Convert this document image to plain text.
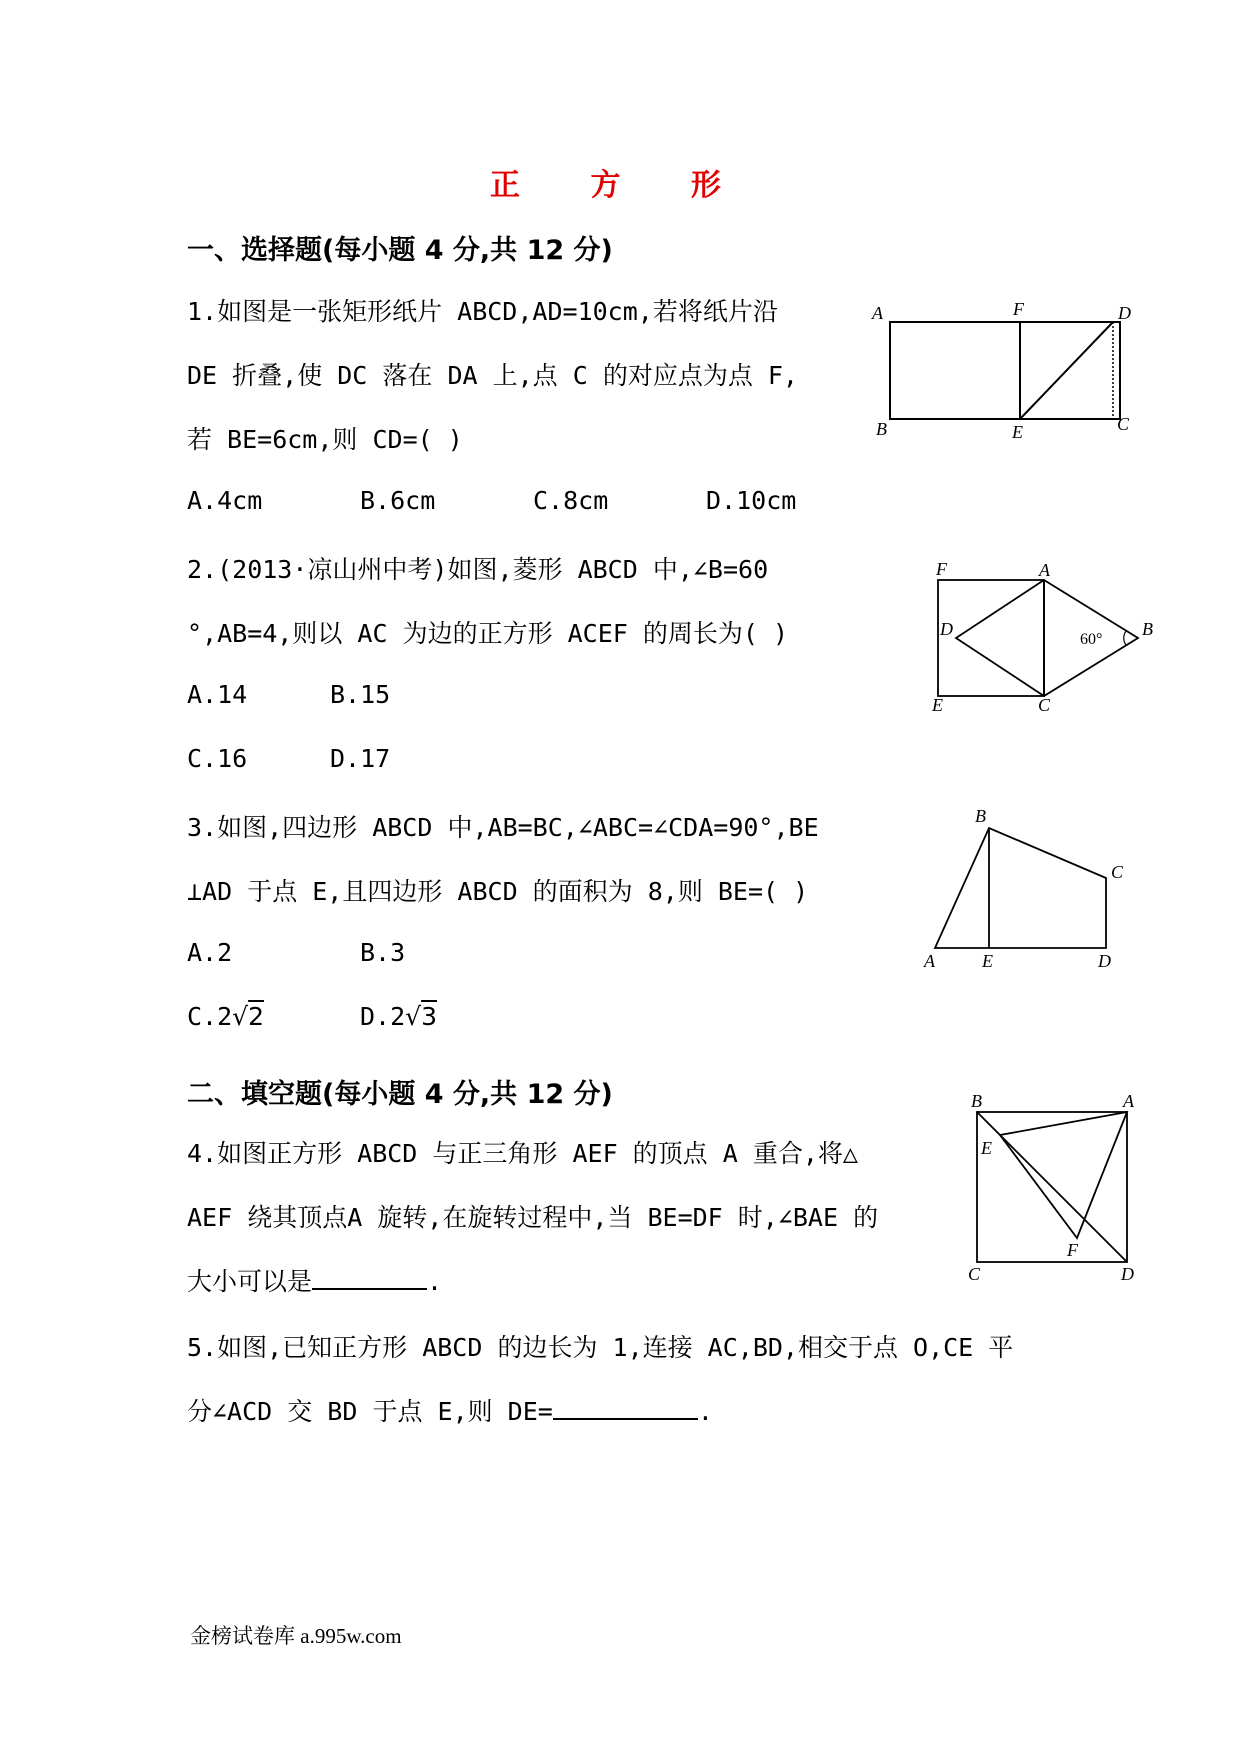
正 方 形
一、选择题(每小题 4 分,共 12 分)
1.如图是一张矩形纸片 ABCD,AD=10cm,若将纸片沿
DE 折叠,使 DC 落在 DA 上,点 C 的对应点为点 F,
若 BE=6cm,则 CD=( )
A.4cm	B.6cm	C.8cm	D.10cm
A	F	D
B	E	C
2.(2013·凉山州中考)如图,菱形 ABCD 中,∠B=60
°,AB=4,则以 AC 为边的正方形 ACEF 的周长为( )
A.14	B.15
C.16	D.17
F	A
D	B
60°
E	C
3.如图,四边形 ABCD 中,AB=BC,∠ABC=∠CDA=90°,BE
⊥AD 于点 E,且四边形 ABCD 的面积为 8,则 BE=( )
A.2	B.3
C.2√2	D.2√3
B
C
A	E	D
二、填空题(每小题 4 分,共 12 分)
4.如图正方形 ABCD 与正三角形 AEF 的顶点 A 重合,将△
AEF 绕其顶点A 旋转,在旋转过程中,当 BE=DF 时,∠BAE 的
大小可以是	.
B	A
E
F
C	D
5.如图,已知正方形 ABCD 的边长为 1,连接 AC,BD,相交于点 O,CE 平
分∠ACD 交 BD 于点 E,则 DE=	.
金榜试卷库 a.995w.com
